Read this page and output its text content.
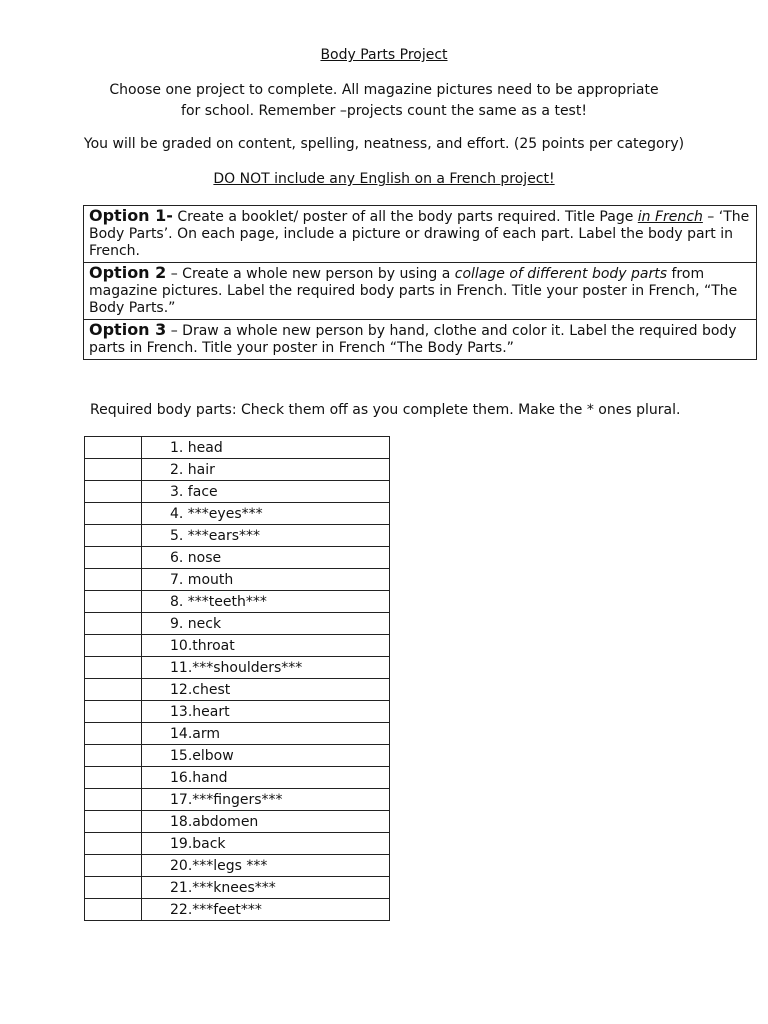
Body Parts Project
Choose one project to complete. All magazine pictures need to be appropriate for school. Remember –projects count the same as a test!
You will be graded on content, spelling, neatness, and effort. (25 points per category)
DO NOT include any English on a French project!
Option 1- Create a booklet/ poster of all the body parts required. Title Page in French – ‘The Body Parts’. On each page, include a picture or drawing of each part. Label the body part in French.
Option 2 – Create a whole new person by using a collage of different body parts from magazine pictures. Label the required body parts in French. Title your poster in French, “The Body Parts.”
Option 3 – Draw a whole new person by hand, clothe and color it. Label the required body parts in French. Title your poster in French “The Body Parts.”
Required body parts: Check them off as you complete them. Make the * ones plural.
	1. head
	2. hair
	3. face
	4. ***eyes***
	5. ***ears***
	6. nose
	7. mouth
	8. ***teeth***
	9. neck
	10.throat
	11.***shoulders***
	12.chest
	13.heart
	14.arm
	15.elbow
	16.hand
	17.***fingers***
	18.abdomen
	19.back
	20.***legs ***
	21.***knees***
	22.***feet***
